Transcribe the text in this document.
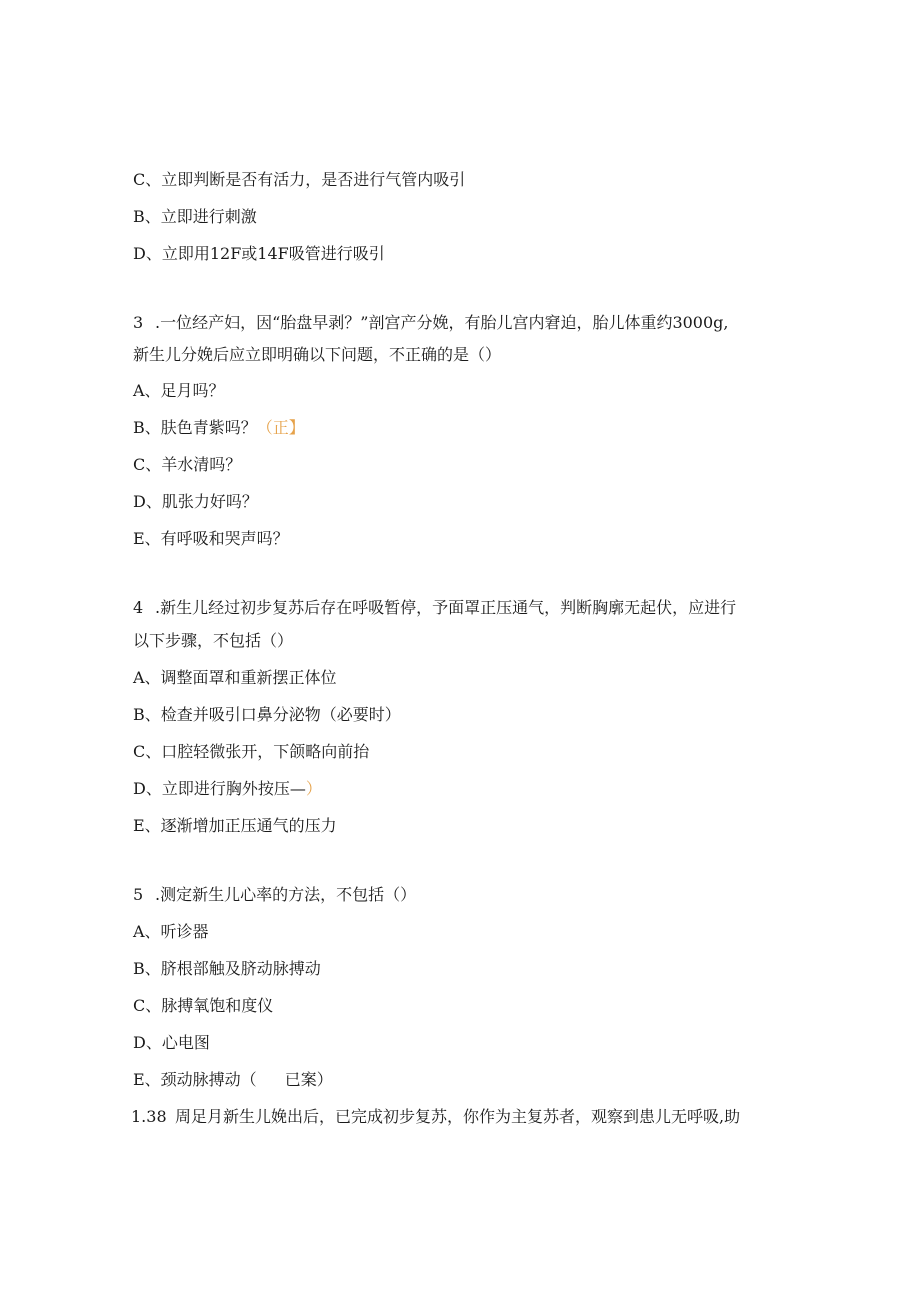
C、立即判断是否有活力，是否进行气管内吸引
B、立即进行刺激
D、立即用12F或14F吸管进行吸引
3 .一位经产妇，因“胎盘早剥？”剖宫产分娩，有胎儿宫内窘迫，胎儿体重约3000g,
新生儿分娩后应立即明确以下问题，不正确的是（）
A、足月吗？
B、肤色青紫吗？（正】
C、羊水清吗？
D、肌张力好吗？
E、有呼吸和哭声吗？
4 .新生儿经过初步复苏后存在呼吸暂停，予面罩正压通气，判断胸廓无起伏，应进行
以下步骤，不包括（）
A、调整面罩和重新摆正体位
B、检查并吸引口鼻分泌物（必要时）
C、口腔轻微张开，下颌略向前抬
D、立即进行胸外按压—）
E、逐渐增加正压通气的压力
5 .测定新生儿心率的方法，不包括（）
A、听诊器
B、脐根部触及脐动脉搏动
C、脉搏氧饱和度仪
D、心电图
E、颈动脉搏动（ 已案）
1.38 周足月新生儿娩出后，已完成初步复苏，你作为主复苏者，观察到患儿无呼吸,助
